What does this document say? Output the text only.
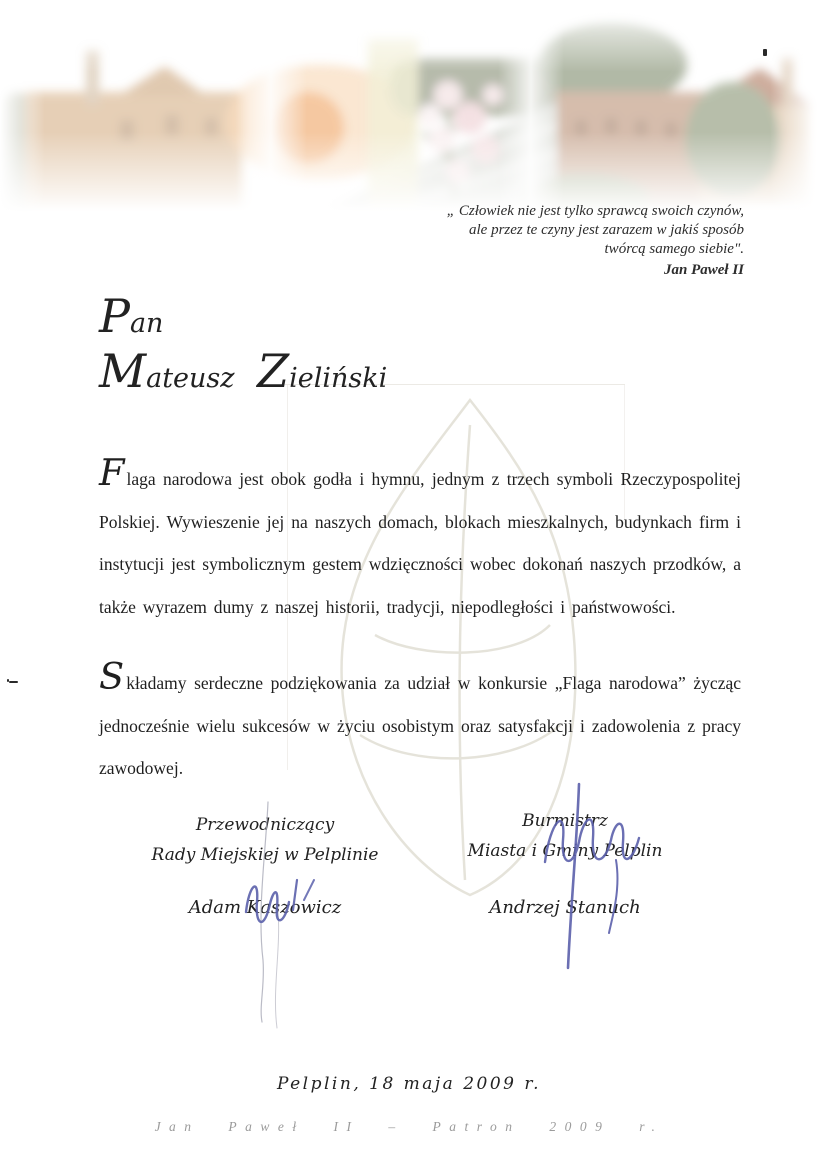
„ Człowiek nie jest tylko sprawcą swoich czynów,
ale przez te czyny jest zarazem w jakiś sposób
twórcą samego siebie".
Jan Paweł II
Pan
Mateusz Zieliński
Flaga narodowa jest obok godła i hymnu, jednym z trzech symboli Rzeczypospolitej Polskiej. Wywieszenie jej na naszych domach, blokach mieszkalnych, budynkach firm i instytucji jest symbolicznym gestem wdzięczności wobec dokonań naszych przodków, a także wyrazem dumy z naszej historii, tradycji, niepodległości i państwowości.
Składamy serdeczne podziękowania za udział w konkursie „Flaga narodowa” życząc jednocześnie wielu sukcesów w życiu osobistym oraz satysfakcji i zadowolenia z pracy zawodowej.
Przewodniczący
Rady Miejskiej w Pelplinie
Adam Kaszowicz
Burmistrz
Miasta i Gminy Pelplin
Andrzej Stanuch
Pelplin, 18 maja 2009 r.
Jan Paweł II – Patron 2009 r.
